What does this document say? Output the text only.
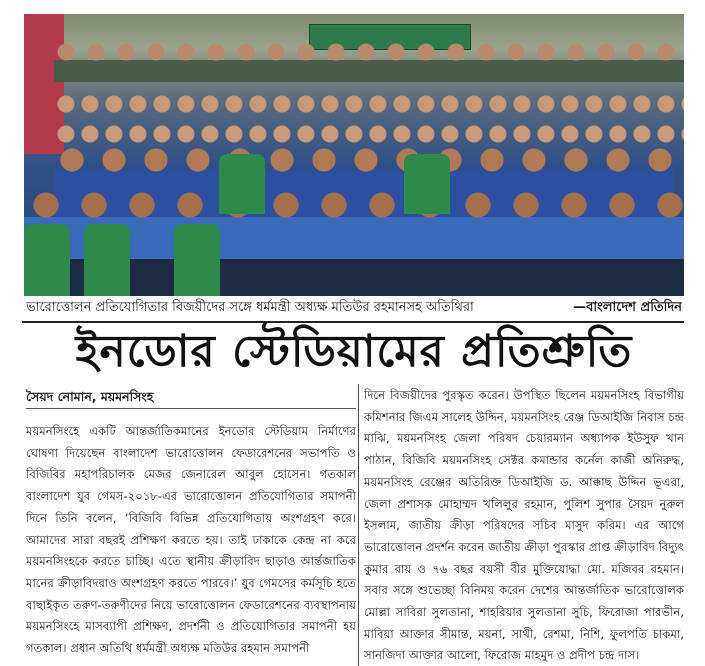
ভারোত্তোলন প্রতিযোগিতার বিজয়ীদের সঙ্গে ধর্মমন্ত্রী অধ্যক্ষ মতিউর রহমানসহ অতিথিরা	—বাংলাদেশ প্রতিদিন
ইনডোর স্টেডিয়ামের প্রতিশ্রুতি
সৈয়দ নোমান, ময়মনসিংহ

ময়মনসিংহে একটি আন্তর্জাতিকমানের ইনডোর স্টেডিয়াম নির্মাণের ঘোষণা দিয়েছেন বাংলাদেশ ভারোত্তোলন ফেডারেশনের সভাপতি ও বিজিবির মহাপরিচালক মেজর জেনারেল আবুল হোসেন। গতকাল বাংলাদেশ যুব গেমস-২০১৮-এর ভারোত্তোলন প্রতিযোগিতার সমাপনী দিনে তিনি বলেন, ‘বিজিবি বিভিন্ন প্রতিযোগিতায় অংশগ্রহণ করে। আমাদের সারা বছরই প্রশিক্ষণ করতে হয়। তাই ঢাকাকে কেন্দ্র না করে ময়মনসিংহকে করতে চাচ্ছি। এতে স্থানীয় ক্রীড়াবিদ ছাড়াও আর্ন্তজাতিক মানের ক্রীড়াবিদরাও অংশগ্রহণ করতে পারবে।’ যুব গেমসের কর্মসূচি হতে বাছাইকৃত তরুণ-তরুণীদের নিয়ে ভারোত্তোলন ফেডারেশনের ব্যবস্থাপনায় ময়মনসিংহে মাসব্যাপী প্রশিক্ষণ, প্রদর্শনী ও প্রতিযোগিতার সমাপনী হয় গতকাল। প্রধান অতিথি ধর্মমন্ত্রী অধ্যক্ষ মতিউর রহমান সমাপনী

দিনে বিজয়ীদের পুরস্কৃত করেন। উপস্থিত ছিলেন ময়মনসিংহ বিভাগীয় কমিশনার জিএম সালেহ উদ্দিন, ময়মনসিংহ রেঞ্জ ডিআইজি নিবাস চন্দ্র মাঝি, ময়মনসিংহ জেলা পরিষদ চেয়ারম্যান অধ্যাপক ইউসুফ খান পাঠান, বিজিবি ময়মনসিংহ সেক্টর কমান্ডার কর্নেল কাজী অনিরুদ্ধ, ময়মনসিংহ রেঞ্জের অতিরিক্ত ডিআইজি ড. আক্কাছ উদ্দিন ভূএরা, জেলা প্রশাসক মোহাম্মদ খলিলুর রহমান, পুলিশ সুপার সৈয়দ নুরুল ইসলাম, জাতীয় ক্রীড়া পরিষদের সচিব মাসুদ করিম। এর আগে ভারোত্তোলন প্রদর্শন করেন জাতীয় ক্রীড়া পুরস্কার প্রাপ্ত ক্রীড়াবিদ বিদ্যুৎ কুমার রায় ও ৭৬ বছর বয়সী বীর মুক্তিযোদ্ধা মো. মজিবর রহমান। সবার সঙ্গে শুভেচ্ছা বিনিময় করেন দেশের আন্তর্জাতিক ভারোত্তোলক মোল্লা সাবিরা সুলতানা, শাহরিয়ার সুলতানা সুচি, ফিরোজা পারভীন, মাবিয়া আক্তার সীমান্ত, ময়না, সাথী, রেশমা, নিশি, ফুলপতি চাকমা, সানজিদা আক্তার আলো, ফিরোজ মাহমুদ ও প্রদীপ চন্দ্র দাস।
